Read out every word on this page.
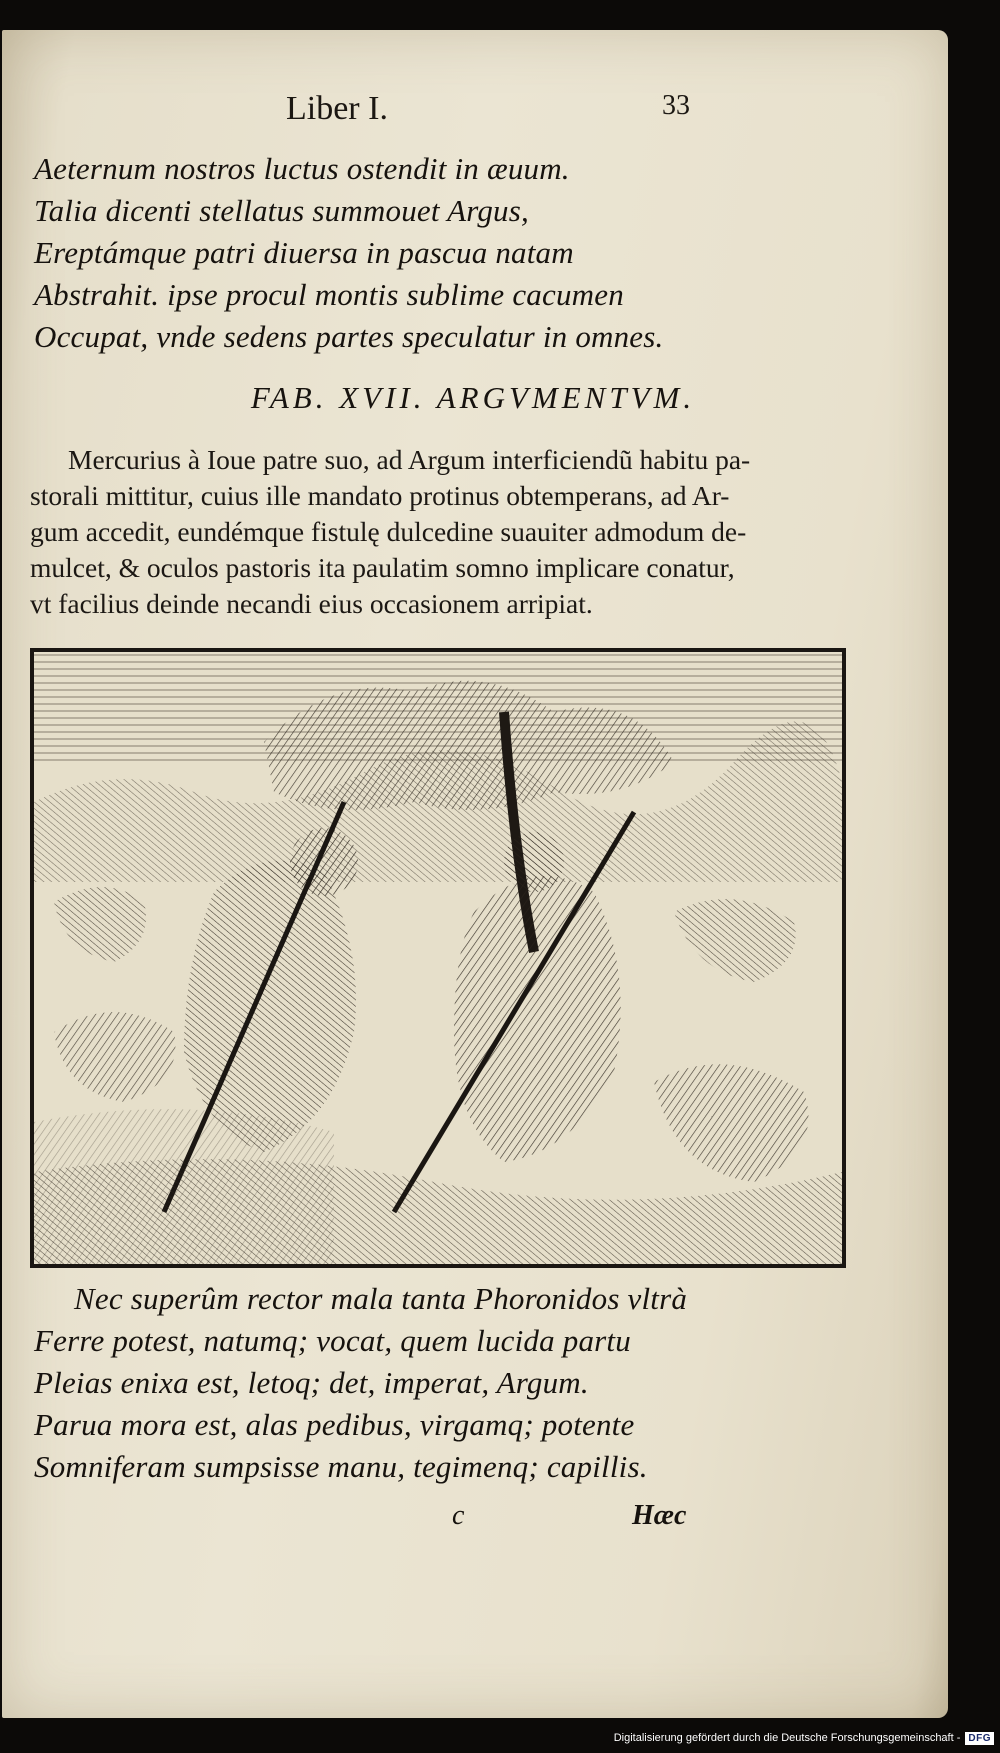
Liber I.	33
Aeternum nostros luctus ostendit in æuum.
Talia dicenti stellatus summouet Argus,
Ereptámque patri diuersa in pascua natam
Abstrahit. ipse procul montis sublime cacumen
Occupat, vnde sedens partes speculatur in omnes.
FAB. XVII. ARGVMENTVM.
Mercurius à Ioue patre suo, ad Argum interficiendũ habitu pa-
storali mittitur, cuius ille mandato protinus obtemperans, ad Ar-
gum accedit, eundémque fistulę dulcedine suauiter admodum de-
mulcet, & oculos pastoris ita paulatim somno implicare conatur,
vt facilius deinde necandi eius occasionem arripiat.
Nec superûm rector mala tanta Phoronidos vltrà
Ferre potest, natumq; vocat, quem lucida partu
Pleias enixa est, letoq; det, imperat, Argum.
Parua mora est, alas pedibus, virgamq; potente
Somniferam sumpsisse manu, tegimenq; capillis.
c	Hæc
Digitalisierung gefördert durch die Deutsche Forschungsgemeinschaft - DFG
